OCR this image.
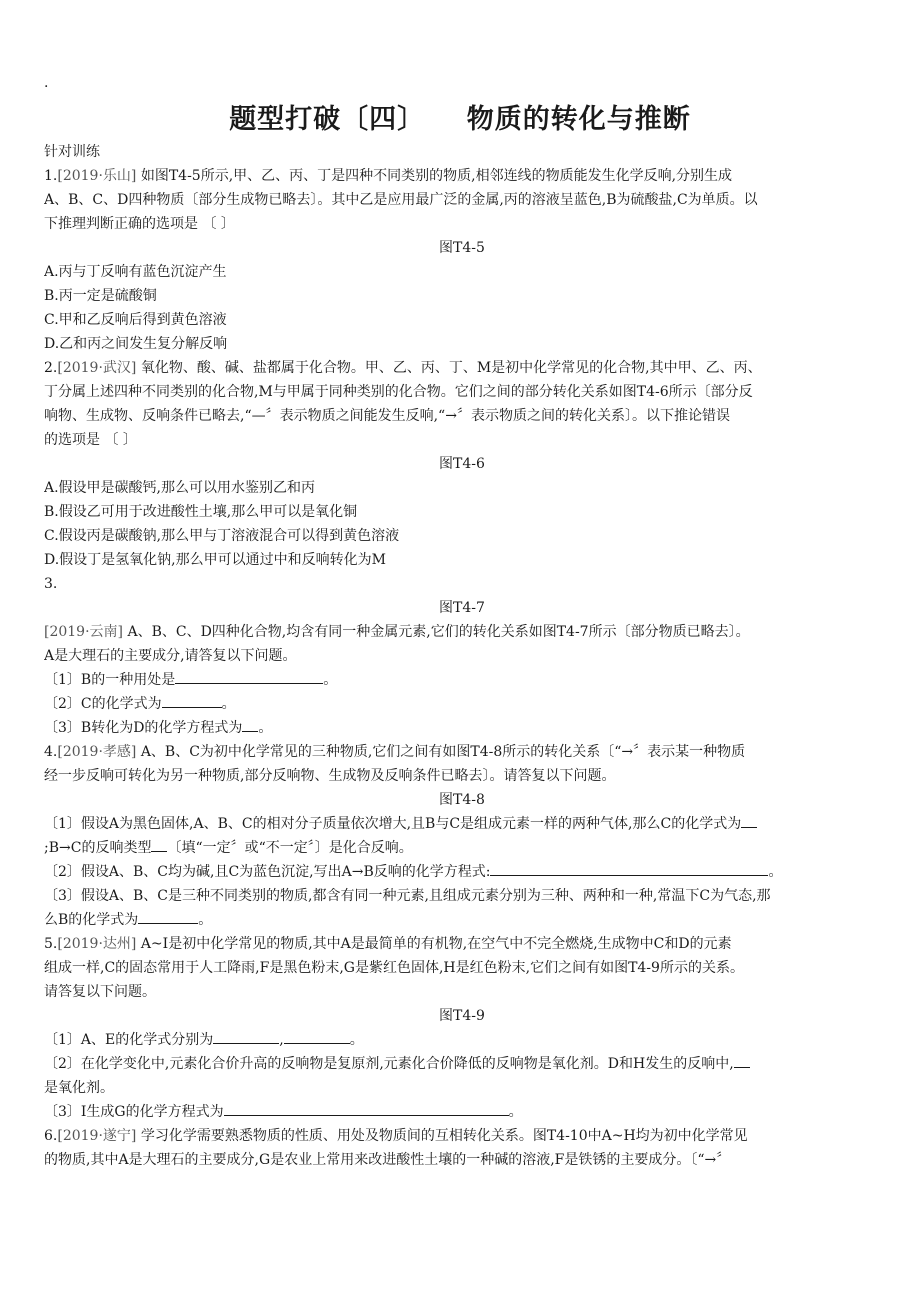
·
题型打破〔四〕    物质的转化与推断
针对训练
1.[2019·乐山] 如图T4-5所示,甲、乙、丙、丁是四种不同类别的物质,相邻连线的物质能发生化学反响,分别生成
A、B、C、D四种物质〔部分生成物已略去〕。其中乙是应用最广泛的金属,丙的溶液呈蓝色,B为硫酸盐,C为单质。以
下推理判断正确的选项是 〔 〕
图T4-5
A.丙与丁反响有蓝色沉淀产生
B.丙一定是硫酸铜
C.甲和乙反响后得到黄色溶液
D.乙和丙之间发生复分解反响
2.[2019·武汉] 氧化物、酸、碱、盐都属于化合物。甲、乙、丙、丁、M是初中化学常见的化合物,其中甲、乙、丙、
丁分属上述四种不同类别的化合物,M与甲属于同种类别的化合物。它们之间的部分转化关系如图T4-6所示〔部分反
响物、生成物、反响条件已略去,“—〞表示物质之间能发生反响,“→〞表示物质之间的转化关系〕。以下推论错误
的选项是 〔 〕
图T4-6
A.假设甲是碳酸钙,那么可以用水鉴别乙和丙
B.假设乙可用于改进酸性土壤,那么甲可以是氧化铜
C.假设丙是碳酸钠,那么甲与丁溶液混合可以得到黄色溶液
D.假设丁是氢氧化钠,那么甲可以通过中和反响转化为M
3.
图T4-7
[2019·云南] A、B、C、D四种化合物,均含有同一种金属元素,它们的转化关系如图T4-7所示〔部分物质已略去〕。
A是大理石的主要成分,请答复以下问题。
〔1〕B的一种用处是	。
〔2〕C的化学式为	。
〔3〕B转化为D的化学方程式为 。
4.[2019·孝感] A、B、C为初中化学常见的三种物质,它们之间有如图T4-8所示的转化关系〔“→〞表示某一种物质
经一步反响可转化为另一种物质,部分反响物、生成物及反响条件已略去〕。请答复以下问题。
图T4-8
〔1〕假设A为黑色固体,A、B、C的相对分子质量依次增大,且B与C是组成元素一样的两种气体,那么C的化学式为
;B→C的反响类型 〔填“一定〞或“不一定〞〕是化合反响。
〔2〕假设A、B、C均为碱,且C为蓝色沉淀,写出A→B反响的化学方程式:	。
〔3〕假设A、B、C是三种不同类别的物质,都含有同一种元素,且组成元素分别为三种、两种和一种,常温下C为气态,那
么B的化学式为	。
5.[2019·达州] A~I是初中化学常见的物质,其中A是最简单的有机物,在空气中不完全燃烧,生成物中C和D的元素
组成一样,C的固态常用于人工降雨,F是黑色粉末,G是紫红色固体,H是红色粉末,它们之间有如图T4-9所示的关系。
请答复以下问题。
图T4-9
〔1〕A、E的化学式分别为	,	。
〔2〕在化学变化中,元素化合价升高的反响物是复原剂,元素化合价降低的反响物是氧化剂。D和H发生的反响中,
是氧化剂。
〔3〕I生成G的化学方程式为	。
6.[2019·遂宁] 学习化学需要熟悉物质的性质、用处及物质间的互相转化关系。图T4-10中A~H均为初中化学常见
的物质,其中A是大理石的主要成分,G是农业上常用来改进酸性土壤的一种碱的溶液,F是铁锈的主要成分。〔“→〞
